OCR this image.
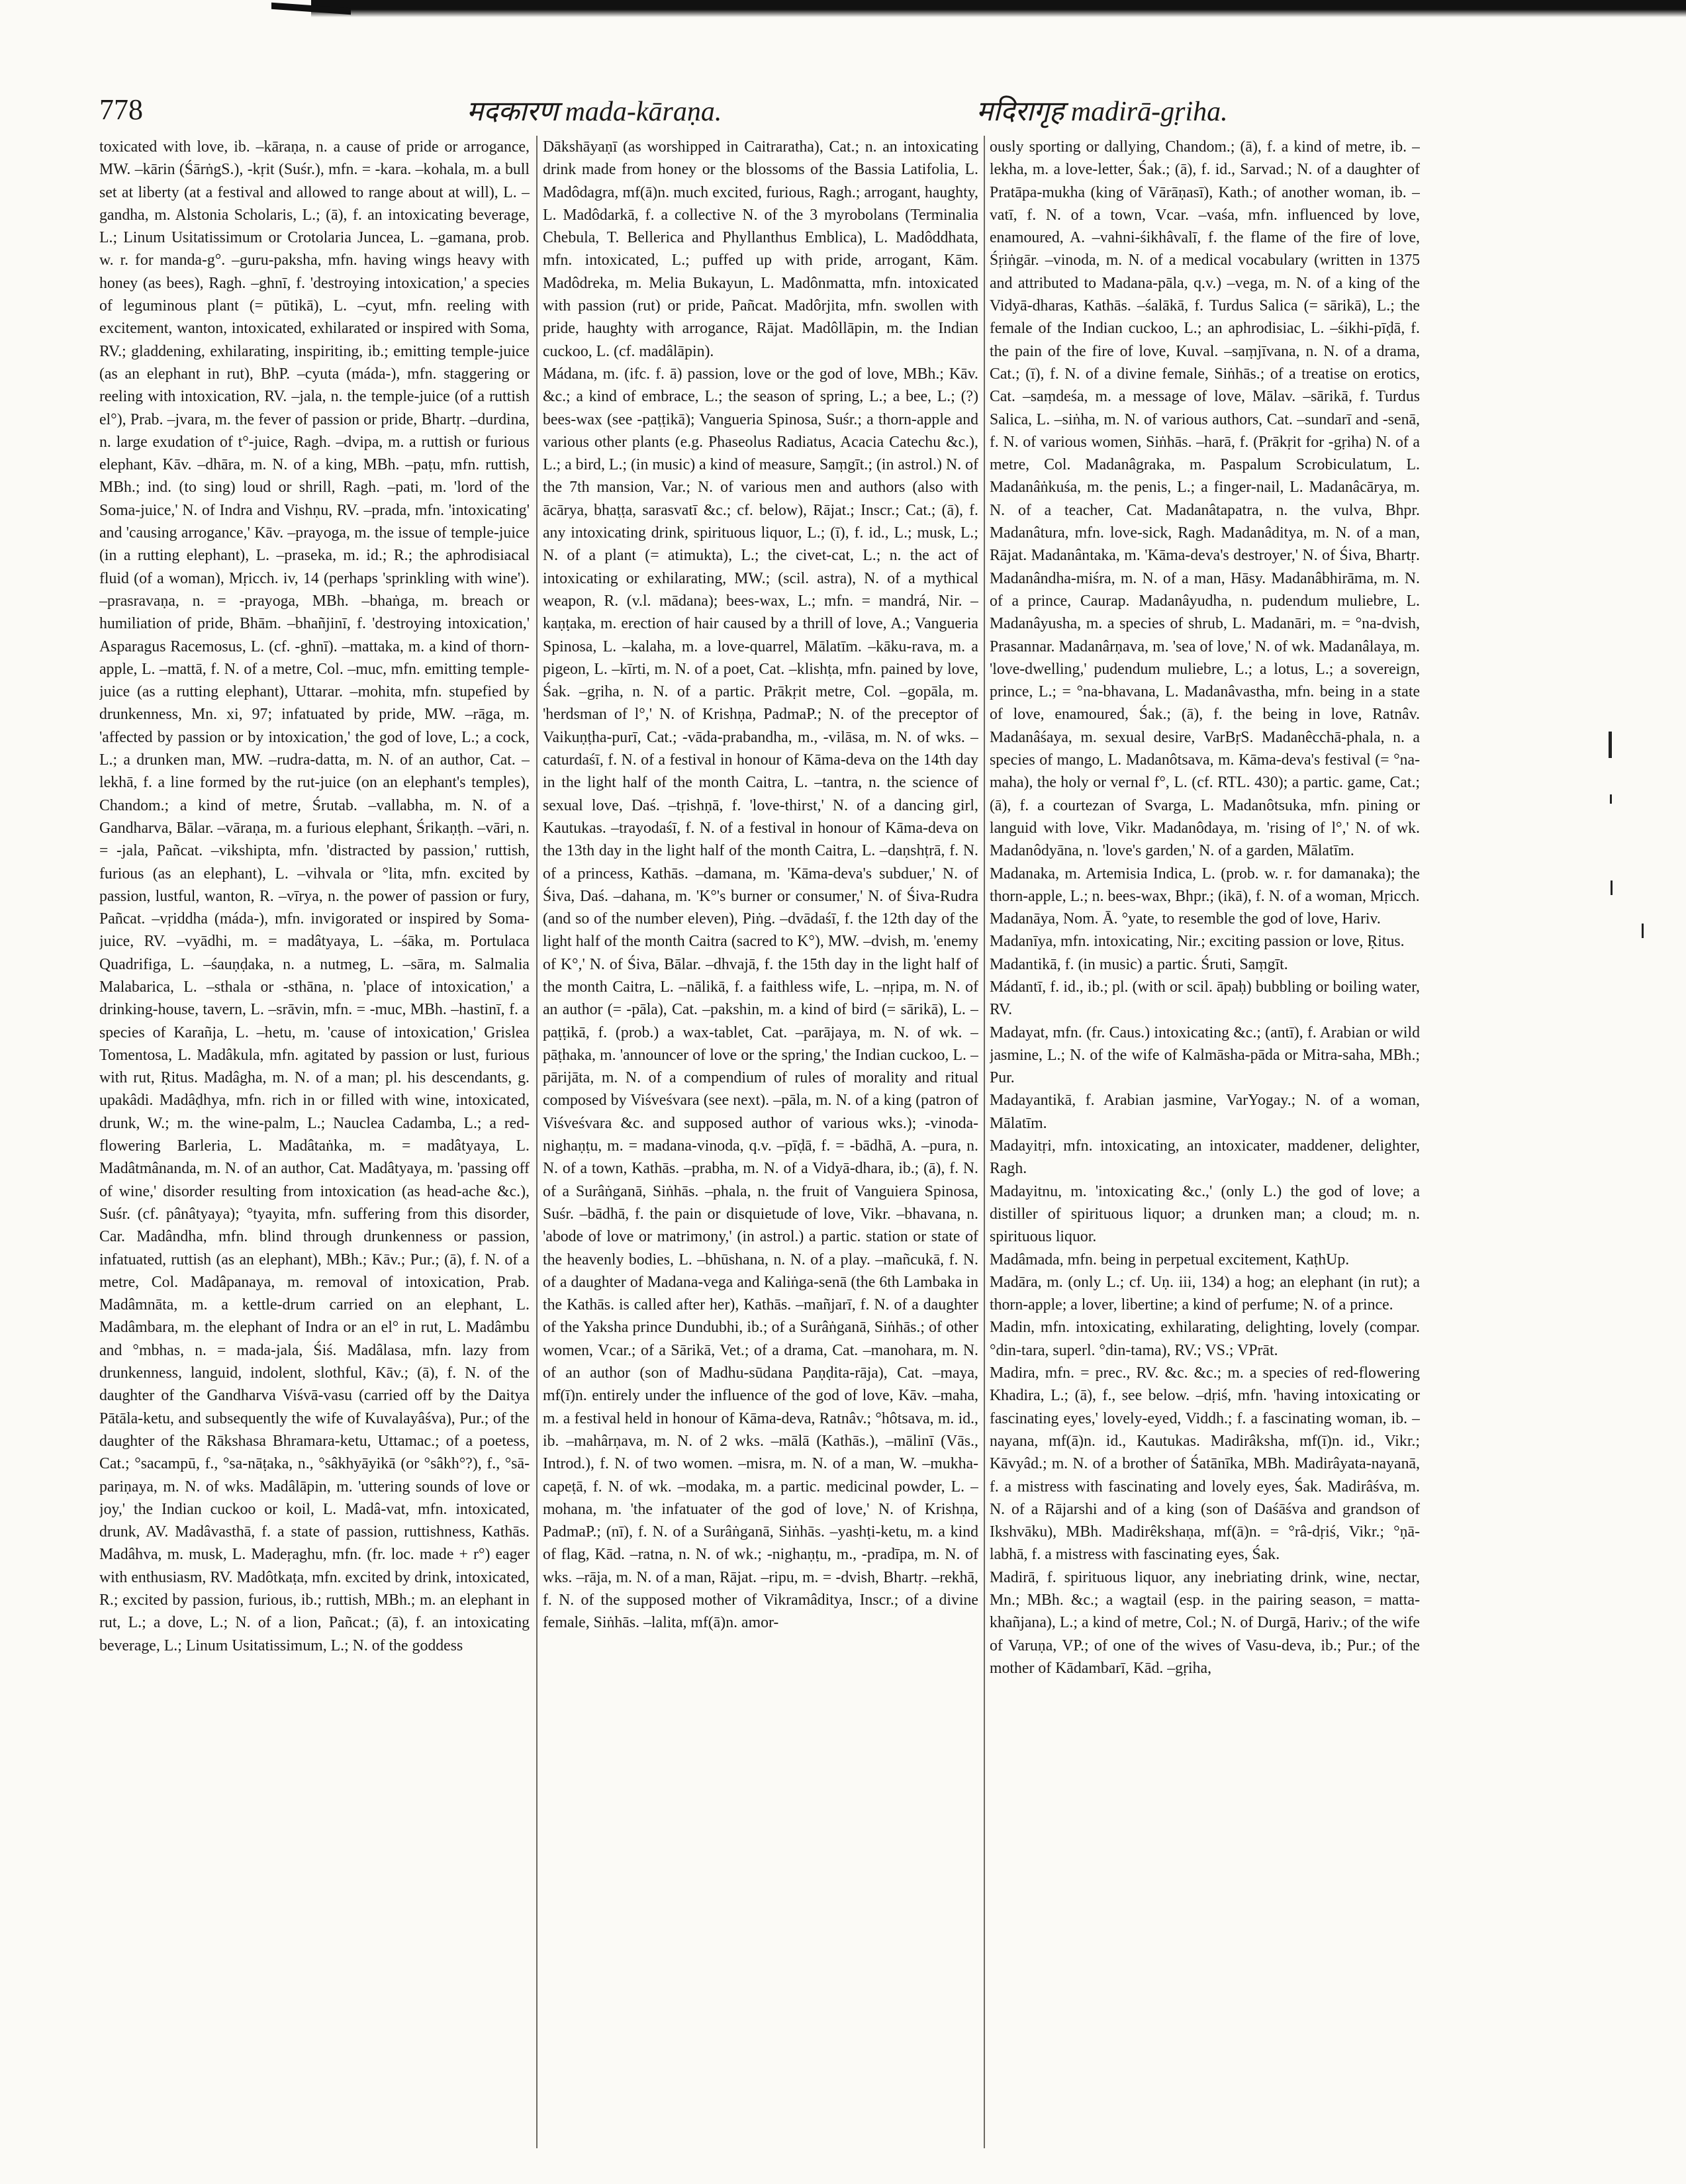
778	मदकारण mada-kāraṇa.	मदिरागृह madirā-gṛiha.

toxicated with love, ib. –kāraṇa, n. a cause of pride or arrogance, MW. –kārin (ŚārṅgS.), -kṛit (Suśr.), mfn. = -kara. –kohala, m. a bull set at liberty (at a festival and allowed to range about at will), L. –gandha, m. Alstonia Scholaris, L.; (ā), f. an intoxicating beverage, L.; Linum Usitatissimum or Crotolaria Juncea, L. –gamana, prob. w. r. for manda-g°. –guru-paksha, mfn. having wings heavy with honey (as bees), Ragh. –ghnī, f. 'destroying intoxication,' a species of leguminous plant (= pūtikā), L. –cyut, mfn. reeling with excitement, wanton, intoxicated, exhilarated or inspired with Soma, RV.; gladdening, exhilarating, inspiriting, ib.; emitting temple-juice (as an elephant in rut), BhP. –cyuta (máda-), mfn. staggering or reeling with intoxication, RV. –jala, n. the temple-juice (of a ruttish el°), Prab. –jvara, m. the fever of passion or pride, Bhartṛ. –durdina, n. large exudation of t°-juice, Ragh. –dvipa, m. a ruttish or furious elephant, Kāv. –dhāra, m. N. of a king, MBh. –paṭu, mfn. ruttish, MBh.; ind. (to sing) loud or shrill, Ragh. –pati, m. 'lord of the Soma-juice,' N. of Indra and Vishṇu, RV. –prada, mfn. 'intoxicating' and 'causing arrogance,' Kāv. –prayoga, m. the issue of temple-juice (in a rutting elephant), L. –praseka, m. id.; R.; the aphrodisiacal fluid (of a woman), Mṛicch. iv, 14 (perhaps 'sprinkling with wine'). –prasravaṇa, n. = -prayoga, MBh. –bhaṅga, m. breach or humiliation of pride, Bhām. –bhañjinī, f. 'destroying intoxication,' Asparagus Racemosus, L. (cf. -ghnī). –mattaka, m. a kind of thorn-apple, L. –mattā, f. N. of a metre, Col. –muc, mfn. emitting temple-juice (as a rutting elephant), Uttarar. –mohita, mfn. stupefied by drunkenness, Mn. xi, 97; infatuated by pride, MW. –rāga, m. 'affected by passion or by intoxication,' the god of love, L.; a cock, L.; a drunken man, MW. –rudra-datta, m. N. of an author, Cat. –lekhā, f. a line formed by the rut-juice (on an elephant's temples), Chandom.; a kind of metre, Śrutab. –vallabha, m. N. of a Gandharva, Bālar. –vāraṇa, m. a furious elephant, Śrikaṇṭh. –vāri, n. = -jala, Pañcat. –vikshipta, mfn. 'distracted by passion,' ruttish, furious (as an elephant), L. –vihvala or °lita, mfn. excited by passion, lustful, wanton, R. –vīrya, n. the power of passion or fury, Pañcat. –vṛiddha (máda-), mfn. invigorated or inspired by Soma-juice, RV. –vyādhi, m. = madâtyaya, L. –śāka, m. Portulaca Quadrifiga, L. –śauṇḍaka, n. a nutmeg, L. –sāra, m. Salmalia Malabarica, L. –sthala or -sthāna, n. 'place of intoxication,' a drinking-house, tavern, L. –srāvin, mfn. = -muc, MBh. –hastinī, f. a species of Karañja, L. –hetu, m. 'cause of intoxication,' Grislea Tomentosa, L. Madâkula, mfn. agitated by passion or lust, furious with rut, Ṛitus. Madâgha, m. N. of a man; pl. his descendants, g. upakâdi. Madâḍhya, mfn. rich in or filled with wine, intoxicated, drunk, W.; m. the wine-palm, L.; Nauclea Cadamba, L.; a red-flowering Barleria, L. Madâtaṅka, m. = madâtyaya, L. Madâtmânanda, m. N. of an author, Cat. Madâtyaya, m. 'passing off of wine,' disorder resulting from intoxication (as head-ache &c.), Suśr. (cf. pânâtyaya); °tyayita, mfn. suffering from this disorder, Car. Madândha, mfn. blind through drunkenness or passion, infatuated, ruttish (as an elephant), MBh.; Kāv.; Pur.; (ā), f. N. of a metre, Col. Madâpanaya, m. removal of intoxication, Prab. Madâmnāta, m. a kettle-drum carried on an elephant, L. Madâmbara, m. the elephant of Indra or an el° in rut, L. Madâmbu and °mbhas, n. = mada-jala, Śiś. Madâlasa, mfn. lazy from drunkenness, languid, indolent, slothful, Kāv.; (ā), f. N. of the daughter of the Gandharva Viśvā-vasu (carried off by the Daitya Pātāla-ketu, and subsequently the wife of Kuvalayâśva), Pur.; of the daughter of the Rākshasa Bhramara-ketu, Uttamac.; of a poetess, Cat.; °sacampū, f., °sa-nāṭaka, n., °sâkhyāyikā (or °sâkh°?), f., °sā-pariṇaya, m. N. of wks. Madâlāpin, m. 'uttering sounds of love or joy,' the Indian cuckoo or koil, L. Madâ-vat, mfn. intoxicated, drunk, AV. Madâvasthā, f. a state of passion, ruttishness, Kathās. Madâhva, m. musk, L. Madeṛaghu, mfn. (fr. loc. made + r°) eager with enthusiasm, RV. Madôtkaṭa, mfn. excited by drink, intoxicated, R.; excited by passion, furious, ib.; ruttish, MBh.; m. an elephant in rut, L.; a dove, L.; N. of a lion, Pañcat.; (ā), f. an intoxicating beverage, L.; Linum Usitatissimum, L.; N. of the goddess

Dākshāyaṇī (as worshipped in Caitraratha), Cat.; n. an intoxicating drink made from honey or the blossoms of the Bassia Latifolia, L. Madôdagra, mf(ā)n. much excited, furious, Ragh.; arrogant, haughty, L. Madôdarkā, f. a collective N. of the 3 myrobolans (Terminalia Chebula, T. Bellerica and Phyllanthus Emblica), L. Madôddhata, mfn. intoxicated, L.; puffed up with pride, arrogant, Kām. Madôdreka, m. Melia Bukayun, L. Madônmatta, mfn. intoxicated with passion (rut) or pride, Pañcat. Madôrjita, mfn. swollen with pride, haughty with arrogance, Rājat. Madôllāpin, m. the Indian cuckoo, L. (cf. madâlāpin).

Mádana, m. (ifc. f. ā) passion, love or the god of love, MBh.; Kāv. &c.; a kind of embrace, L.; the season of spring, L.; a bee, L.; (?) bees-wax (see -paṭṭikā); Vangueria Spinosa, Suśr.; a thorn-apple and various other plants (e.g. Phaseolus Radiatus, Acacia Catechu &c.), L.; a bird, L.; (in music) a kind of measure, Saṃgīt.; (in astrol.) N. of the 7th mansion, Var.; N. of various men and authors (also with ācārya, bhaṭṭa, sarasvatī &c.; cf. below), Rājat.; Inscr.; Cat.; (ā), f. any intoxicating drink, spirituous liquor, L.; (ī), f. id., L.; musk, L.; N. of a plant (= atimukta), L.; the civet-cat, L.; n. the act of intoxicating or exhilarating, MW.; (scil. astra), N. of a mythical weapon, R. (v.l. mādana); bees-wax, L.; mfn. = mandrá, Nir. –kaṇṭaka, m. erection of hair caused by a thrill of love, A.; Vangueria Spinosa, L. –kalaha, m. a love-quarrel, Mālatīm. –kāku-rava, m. a pigeon, L. –kīrti, m. N. of a poet, Cat. –klishṭa, mfn. pained by love, Śak. –gṛiha, n. N. of a partic. Prākṛit metre, Col. –gopāla, m. 'herdsman of l°,' N. of Krishṇa, PadmaP.; N. of the preceptor of Vaikuṇṭha-purī, Cat.; -vāda-prabandha, m., -vilāsa, m. N. of wks. –caturdaśī, f. N. of a festival in honour of Kāma-deva on the 14th day in the light half of the month Caitra, L. –tantra, n. the science of sexual love, Daś. –tṛishṇā, f. 'love-thirst,' N. of a dancing girl, Kautukas. –trayodaśī, f. N. of a festival in honour of Kāma-deva on the 13th day in the light half of the month Caitra, L. –daṇshṭrā, f. N. of a princess, Kathās. –damana, m. 'Kāma-deva's subduer,' N. of Śiva, Daś. –dahana, m. 'K°'s burner or consumer,' N. of Śiva-Rudra (and so of the number eleven), Piṅg. –dvādaśī, f. the 12th day of the light half of the month Caitra (sacred to K°), MW. –dvish, m. 'enemy of K°,' N. of Śiva, Bālar. –dhvajā, f. the 15th day in the light half of the month Caitra, L. –nālikā, f. a faithless wife, L. –nṛipa, m. N. of an author (= -pāla), Cat. –pakshin, m. a kind of bird (= sārikā), L. –paṭṭikā, f. (prob.) a wax-tablet, Cat. –parājaya, m. N. of wk. –pāṭhaka, m. 'announcer of love or the spring,' the Indian cuckoo, L. –pārijāta, m. N. of a compendium of rules of morality and ritual composed by Viśveśvara (see next). –pāla, m. N. of a king (patron of Viśveśvara &c. and supposed author of various wks.); -vinoda-nighaṇṭu, m. = madana-vinoda, q.v. –pīḍā, f. = -bādhā, A. –pura, n. N. of a town, Kathās. –prabha, m. N. of a Vidyā-dhara, ib.; (ā), f. N. of a Surâṅganā, Siṅhās. –phala, n. the fruit of Vanguiera Spinosa, Suśr. –bādhā, f. the pain or disquietude of love, Vikr. –bhavana, n. 'abode of love or matrimony,' (in astrol.) a partic. station or state of the heavenly bodies, L. –bhūshana, n. N. of a play. –mañcukā, f. N. of a daughter of Madana-vega and Kaliṅga-senā (the 6th Lambaka in the Kathās. is called after her), Kathās. –mañjarī, f. N. of a daughter of the Yaksha prince Dundubhi, ib.; of a Surâṅganā, Siṅhās.; of other women, Vcar.; of a Sārikā, Vet.; of a drama, Cat. –manohara, m. N. of an author (son of Madhu-sūdana Paṇḍita-rāja), Cat. –maya, mf(ī)n. entirely under the influence of the god of love, Kāv. –maha, m. a festival held in honour of Kāma-deva, Ratnâv.; °hôtsava, m. id., ib. –mahârṇava, m. N. of 2 wks. –mālā (Kathās.), –mālinī (Vās., Introd.), f. N. of two women. –misra, m. N. of a man, W. –mukha-capeṭā, f. N. of wk. –modaka, m. a partic. medicinal powder, L. –mohana, m. 'the infatuater of the god of love,' N. of Krishṇa, PadmaP.; (nī), f. N. of a Surâṅganā, Siṅhās. –yashṭi-ketu, m. a kind of flag, Kād. –ratna, n. N. of wk.; -nighaṇṭu, m., -pradīpa, m. N. of wks. –rāja, m. N. of a man, Rājat. –ripu, m. = -dvish, Bhartṛ. –rekhā, f. N. of the supposed mother of Vikramâditya, Inscr.; of a divine female, Siṅhās. –lalita, mf(ā)n. amor-

ously sporting or dallying, Chandom.; (ā), f. a kind of metre, ib. –lekha, m. a love-letter, Śak.; (ā), f. id., Sarvad.; N. of a daughter of Pratāpa-mukha (king of Vārāṇasī), Kath.; of another woman, ib. –vatī, f. N. of a town, Vcar. –vaśa, mfn. influenced by love, enamoured, A. –vahni-śikhâvalī, f. the flame of the fire of love, Śṛiṅgār. –vinoda, m. N. of a medical vocabulary (written in 1375 and attributed to Madana-pāla, q.v.) –vega, m. N. of a king of the Vidyā-dharas, Kathās. –śalākā, f. Turdus Salica (= sārikā), L.; the female of the Indian cuckoo, L.; an aphrodisiac, L. –śikhi-pīḍā, f. the pain of the fire of love, Kuval. –saṃjīvana, n. N. of a drama, Cat.; (ī), f. N. of a divine female, Siṅhās.; of a treatise on erotics, Cat. –saṃdeśa, m. a message of love, Mālav. –sārikā, f. Turdus Salica, L. –siṅha, m. N. of various authors, Cat. –sundarī and -senā, f. N. of various women, Siṅhās. –harā, f. (Prākṛit for -gṛiha) N. of a metre, Col. Madanâgraka, m. Paspalum Scrobiculatum, L. Madanâṅkuśa, m. the penis, L.; a finger-nail, L. Madanâcārya, m. N. of a teacher, Cat. Madanâtapatra, n. the vulva, Bhpr. Madanâtura, mfn. love-sick, Ragh. Madanâditya, m. N. of a man, Rājat. Madanântaka, m. 'Kāma-deva's destroyer,' N. of Śiva, Bhartṛ. Madanândha-miśra, m. N. of a man, Hāsy. Madanâbhirāma, m. N. of a prince, Caurap. Madanâyudha, n. pudendum muliebre, L. Madanâyusha, m. a species of shrub, L. Madanāri, m. = °na-dvish, Prasannar. Madanârṇava, m. 'sea of love,' N. of wk. Madanâlaya, m. 'love-dwelling,' pudendum muliebre, L.; a lotus, L.; a sovereign, prince, L.; = °na-bhavana, L. Madanâvastha, mfn. being in a state of love, enamoured, Śak.; (ā), f. the being in love, Ratnâv. Madanâśaya, m. sexual desire, VarBṛS. Madanêcchā-phala, n. a species of mango, L. Madanôtsava, m. Kāma-deva's festival (= °na-maha), the holy or vernal f°, L. (cf. RTL. 430); a partic. game, Cat.; (ā), f. a courtezan of Svarga, L. Madanôtsuka, mfn. pining or languid with love, Vikr. Madanôdaya, m. 'rising of l°,' N. of wk. Madanôdyāna, n. 'love's garden,' N. of a garden, Mālatīm.

Madanaka, m. Artemisia Indica, L. (prob. w. r. for damanaka); the thorn-apple, L.; n. bees-wax, Bhpr.; (ikā), f. N. of a woman, Mṛicch.

Madanāya, Nom. Ā. °yate, to resemble the god of love, Hariv.

Madanīya, mfn. intoxicating, Nir.; exciting passion or love, Ṛitus.

Madantikā, f. (in music) a partic. Śruti, Saṃgīt.

Mádantī, f. id., ib.; pl. (with or scil. āpaḥ) bubbling or boiling water, RV.

Madayat, mfn. (fr. Caus.) intoxicating &c.; (antī), f. Arabian or wild jasmine, L.; N. of the wife of Kalmāsha-pāda or Mitra-saha, MBh.; Pur.

Madayantikā, f. Arabian jasmine, VarYogay.; N. of a woman, Mālatīm.

Madayitṛi, mfn. intoxicating, an intoxicater, maddener, delighter, Ragh.

Madayitnu, m. 'intoxicating &c.,' (only L.) the god of love; a distiller of spirituous liquor; a drunken man; a cloud; m. n. spirituous liquor.

Madâmada, mfn. being in perpetual excitement, KaṭhUp.

Madāra, m. (only L.; cf. Uṇ. iii, 134) a hog; an elephant (in rut); a thorn-apple; a lover, libertine; a kind of perfume; N. of a prince.

Madin, mfn. intoxicating, exhilarating, delighting, lovely (compar. °din-tara, superl. °din-tama), RV.; VS.; VPrāt.

Madira, mfn. = prec., RV. &c. &c.; m. a species of red-flowering Khadira, L.; (ā), f., see below. –dṛiś, mfn. 'having intoxicating or fascinating eyes,' lovely-eyed, Viddh.; f. a fascinating woman, ib. –nayana, mf(ā)n. id., Kautukas. Madirâksha, mf(ī)n. id., Vikr.; Kāvyâd.; m. N. of a brother of Śatānīka, MBh. Madirâyata-nayanā, f. a mistress with fascinating and lovely eyes, Śak. Madirâśva, m. N. of a Rājarshi and of a king (son of Daśāśva and grandson of Ikshvāku), MBh. Madirêkshaṇa, mf(ā)n. = °râ-dṛiś, Vikr.; °ṇā-labhā, f. a mistress with fascinating eyes, Śak.

Madirā, f. spirituous liquor, any inebriating drink, wine, nectar, Mn.; MBh. &c.; a wagtail (esp. in the pairing season, = matta-khañjana), L.; a kind of metre, Col.; N. of Durgā, Hariv.; of the wife of Varuṇa, VP.; of one of the wives of Vasu-deva, ib.; Pur.; of the mother of Kādambarī, Kād. –gṛiha,
